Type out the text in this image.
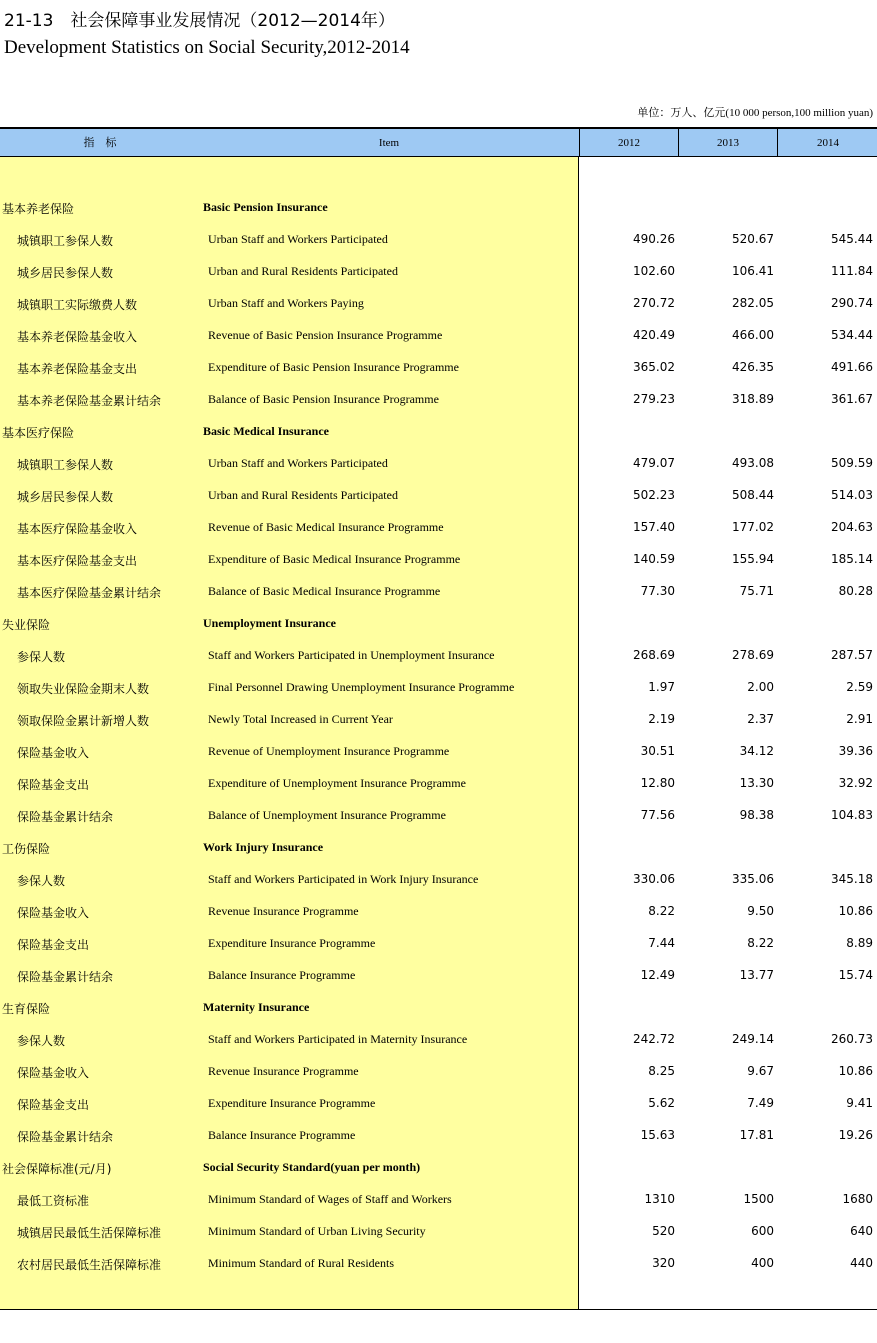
21-13　社会保障事业发展情况（2012—2014年）
Development Statistics on Social Security,2012-2014
单位：万人、亿元(10 000 person,100 million yuan)
指　标	Item	2012	2013	2014
基本养老保险	Basic Pension Insurance
城镇职工参保人数	Urban Staff and Workers Participated	490.26	520.67	545.44
城乡居民参保人数	Urban and Rural Residents Participated	102.60	106.41	111.84
城镇职工实际缴费人数	Urban Staff and Workers Paying	270.72	282.05	290.74
基本养老保险基金收入	Revenue of Basic Pension Insurance Programme	420.49	466.00	534.44
基本养老保险基金支出	Expenditure of Basic Pension Insurance Programme	365.02	426.35	491.66
基本养老保险基金累计结余	Balance of Basic Pension Insurance Programme	279.23	318.89	361.67
基本医疗保险	Basic Medical Insurance
城镇职工参保人数	Urban Staff and Workers Participated	479.07	493.08	509.59
城乡居民参保人数	Urban and Rural Residents Participated	502.23	508.44	514.03
基本医疗保险基金收入	Revenue of Basic Medical Insurance Programme	157.40	177.02	204.63
基本医疗保险基金支出	Expenditure of Basic Medical Insurance Programme	140.59	155.94	185.14
基本医疗保险基金累计结余	Balance of Basic Medical Insurance Programme	77.30	75.71	80.28
失业保险	Unemployment Insurance
参保人数	Staff and Workers Participated in Unemployment Insurance	268.69	278.69	287.57
领取失业保险金期末人数	Final Personnel Drawing Unemployment Insurance Programme	1.97	2.00	2.59
领取保险金累计新增人数	Newly Total Increased in Current Year	2.19	2.37	2.91
保险基金收入	Revenue of Unemployment Insurance Programme	30.51	34.12	39.36
保险基金支出	Expenditure of Unemployment Insurance Programme	12.80	13.30	32.92
保险基金累计结余	Balance of Unemployment Insurance Programme	77.56	98.38	104.83
工伤保险	Work Injury Insurance
参保人数	Staff and Workers Participated in Work Injury Insurance	330.06	335.06	345.18
保险基金收入	Revenue Insurance Programme	8.22	9.50	10.86
保险基金支出	Expenditure Insurance Programme	7.44	8.22	8.89
保险基金累计结余	Balance Insurance Programme	12.49	13.77	15.74
生育保险	Maternity Insurance
参保人数	Staff and Workers Participated in Maternity Insurance	242.72	249.14	260.73
保险基金收入	Revenue Insurance Programme	8.25	9.67	10.86
保险基金支出	Expenditure Insurance Programme	5.62	7.49	9.41
保险基金累计结余	Balance Insurance Programme	15.63	17.81	19.26
社会保障标准(元/月)	Social Security Standard(yuan per month)
最低工资标准	Minimum Standard of Wages of Staff and Workers	1310	1500	1680
城镇居民最低生活保障标准	Minimum Standard of Urban Living Security	520	600	640
农村居民最低生活保障标准	Minimum Standard of Rural Residents	320	400	440
